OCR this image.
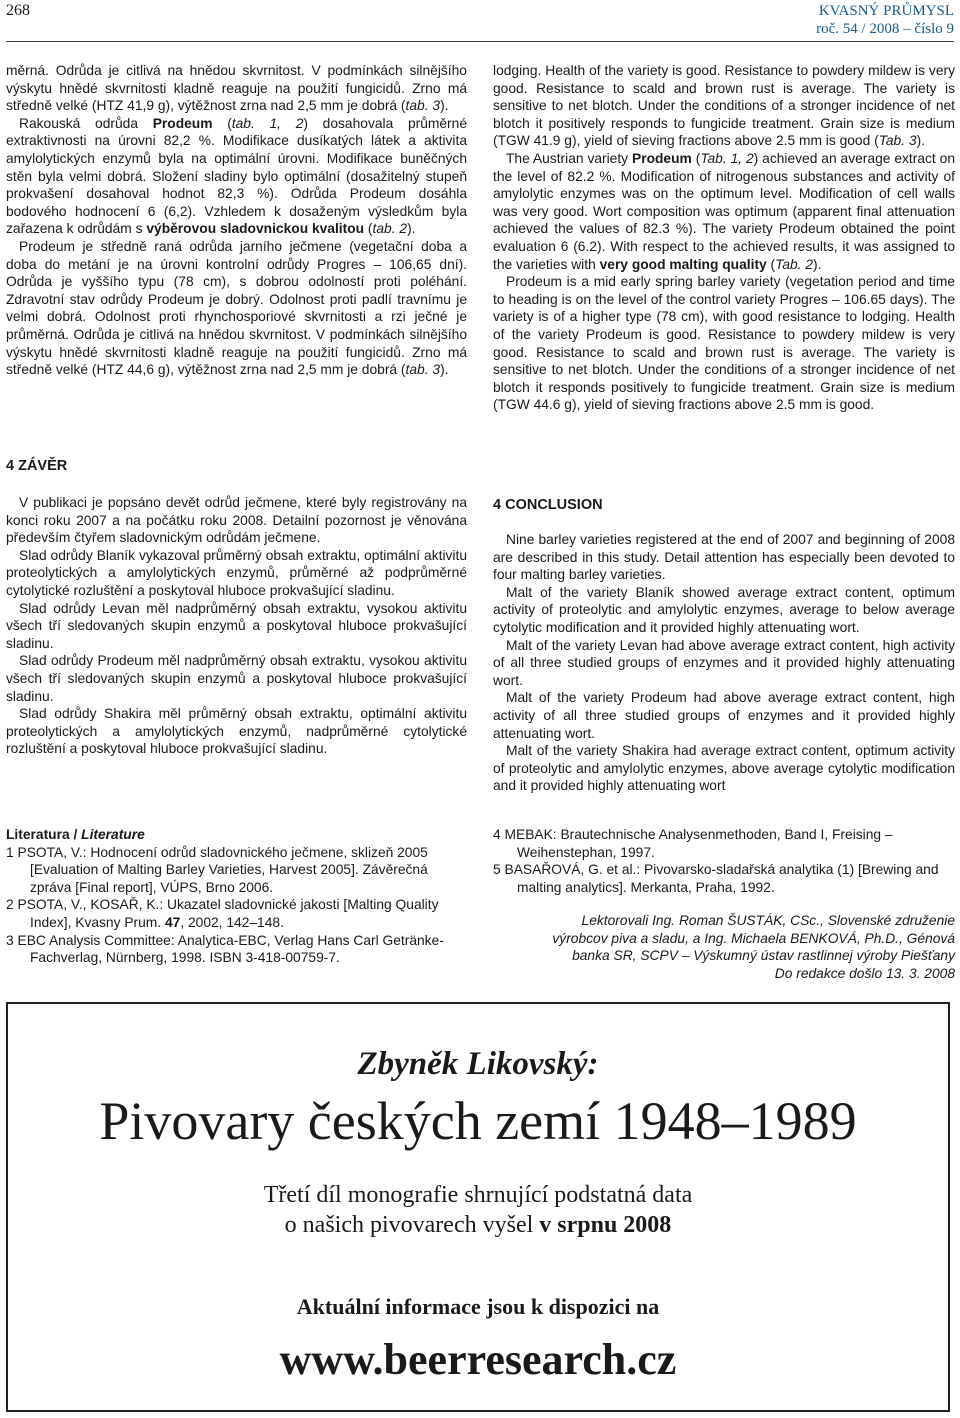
268	KVASNÝ PRŮMYSL
roč. 54 / 2008 – číslo 9

měrná. Odrůda je citlivá na hnědou skvrnitost. V podmínkách silnějšího výskytu hnědé skvrnitosti kladně reaguje na použití fungicidů. Zrno má středně velké (HTZ 41,9 g), výtěžnost zrna nad 2,5 mm je dobrá (tab. 3).

Rakouská odrůda Prodeum (tab. 1, 2) dosahovala průměrné extraktivnosti na úrovni 82,2 %. Modifikace dusíkatých látek a aktivita amylolytických enzymů byla na optimální úrovni. Modifikace buněčných stěn byla velmi dobrá. Složení sladiny bylo optimální (dosažitelný stupeň prokvašení dosahoval hodnot 82,3 %). Odrůda Prodeum dosáhla bodového hodnocení 6 (6,2). Vzhledem k dosaženým výsledkům byla zařazena k odrůdám s výběrovou sladovnickou kvalitou (tab. 2).

Prodeum je středně raná odrůda jarního ječmene (vegetační doba a doba do metání je na úrovni kontrolní odrůdy Progres – 106,65 dní). Odrůda je vyššího typu (78 cm), s dobrou odolností proti poléhání. Zdravotní stav odrůdy Prodeum je dobrý. Odolnost proti padlí travnímu je velmi dobrá. Odolnost proti rhynchosporiové skvrnitosti a rzi ječné je průměrná. Odrůda je citlivá na hnědou skvrnitost. V podmínkách silnějšího výskytu hnědé skvrnitosti kladně reaguje na použití fungicidů. Zrno má středně velké (HTZ 44,6 g), výtěžnost zrna nad 2,5 mm je dobrá (tab. 3).

4 ZÁVĚR

V publikaci je popsáno devět odrůd ječmene, které byly registrovány na konci roku 2007 a na počátku roku 2008. Detailní pozornost je věnována především čtyřem sladovnickým odrůdám ječmene.

Slad odrůdy Blaník vykazoval průměrný obsah extraktu, optimální aktivitu proteolytických a amylolytických enzymů, průměrné až podprůměrné cytolytické rozluštění a poskytoval hluboce prokvašující sladinu.

Slad odrůdy Levan měl nadprůměrný obsah extraktu, vysokou aktivitu všech tří sledovaných skupin enzymů a poskytoval hluboce prokvašující sladinu.

Slad odrůdy Prodeum měl nadprůměrný obsah extraktu, vysokou aktivitu všech tří sledovaných skupin enzymů a poskytoval hluboce prokvašující sladinu.

Slad odrůdy Shakira měl průměrný obsah extraktu, optimální aktivitu proteolytických a amylolytických enzymů, nadprůměrné cytolytické rozluštění a poskytoval hluboce prokvašující sladinu.

lodging. Health of the variety is good. Resistance to powdery mildew is very good. Resistance to scald and brown rust is average. The variety is sensitive to net blotch. Under the conditions of a stronger incidence of net blotch it positively responds to fungicide treatment. Grain size is medium (TGW 41.9 g), yield of sieving fractions above 2.5 mm is good (Tab. 3).

The Austrian variety Prodeum (Tab. 1, 2) achieved an average extract on the level of 82.2 %. Modification of nitrogenous substances and activity of amylolytic enzymes was on the optimum level. Modification of cell walls was very good. Wort composition was optimum (apparent final attenuation achieved the values of 82.3 %). The variety Prodeum obtained the point evaluation 6 (6.2). With respect to the achieved results, it was assigned to the varieties with very good malting quality (Tab. 2).

Prodeum is a mid early spring barley variety (vegetation period and time to heading is on the level of the control variety Progres – 106.65 days). The variety is of a higher type (78 cm), with good resistance to lodging. Health of the variety Prodeum is good. Resistance to powdery mildew is very good. Resistance to scald and brown rust is average. The variety is sensitive to net blotch. Under the conditions of a stronger incidence of net blotch it responds positively to fungicide treatment. Grain size is medium (TGW 44.6 g), yield of sieving fractions above 2.5 mm is good.

4 CONCLUSION

Nine barley varieties registered at the end of 2007 and beginning of 2008 are described in this study. Detail attention has especially been devoted to four malting barley varieties.

Malt of the variety Blaník showed average extract content, optimum activity of proteolytic and amylolytic enzymes, average to below average cytolytic modification and it provided highly attenuating wort.

Malt of the variety Levan had above average extract content, high activity of all three studied groups of enzymes and it provided highly attenuating wort.

Malt of the variety Prodeum had above average extract content, high activity of all three studied groups of enzymes and it provided highly attenuating wort.

Malt of the variety Shakira had average extract content, optimum activity of proteolytic and amylolytic enzymes, above average cytolytic modification and it provided highly attenuating wort

Literatura / Literature

1 PSOTA, V.: Hodnocení odrůd sladovnického ječmene, sklizeň 2005 [Evaluation of Malting Barley Varieties, Harvest 2005]. Závěrečná zpráva [Final report], VÚPS, Brno 2006.

2 PSOTA, V., KOSAŘ, K.: Ukazatel sladovnické jakosti [Malting Quality Index], Kvasny Prum. 47, 2002, 142–148.

3 EBC Analysis Committee: Analytica-EBC, Verlag Hans Carl Getränke-Fachverlag, Nürnberg, 1998. ISBN 3-418-00759-7.

4 MEBAK: Brautechnische Analysenmethoden, Band I, Freising – Weihenstephan, 1997.

5 BASAŘOVÁ, G. et al.: Pivovarsko-sladařská analytika (1) [Brewing and malting analytics]. Merkanta, Praha, 1992.

Lektorovali Ing. Roman ŠUSTÁK, CSc., Slovenské združenie
výrobcov piva a sladu, a Ing. Michaela BENKOVÁ, Ph.D., Génová
banka SR, SCPV – Výskumný ústav rastlinnej výroby Piešťany
Do redakce došlo 13. 3. 2008
Zbyněk Likovský:
Pivovary českých zemí 1948–1989
Třetí díl monografie shrnující podstatná data
o našich pivovarech vyšel v srpnu 2008
Aktuální informace jsou k dispozici na
www.beerresearch.cz
